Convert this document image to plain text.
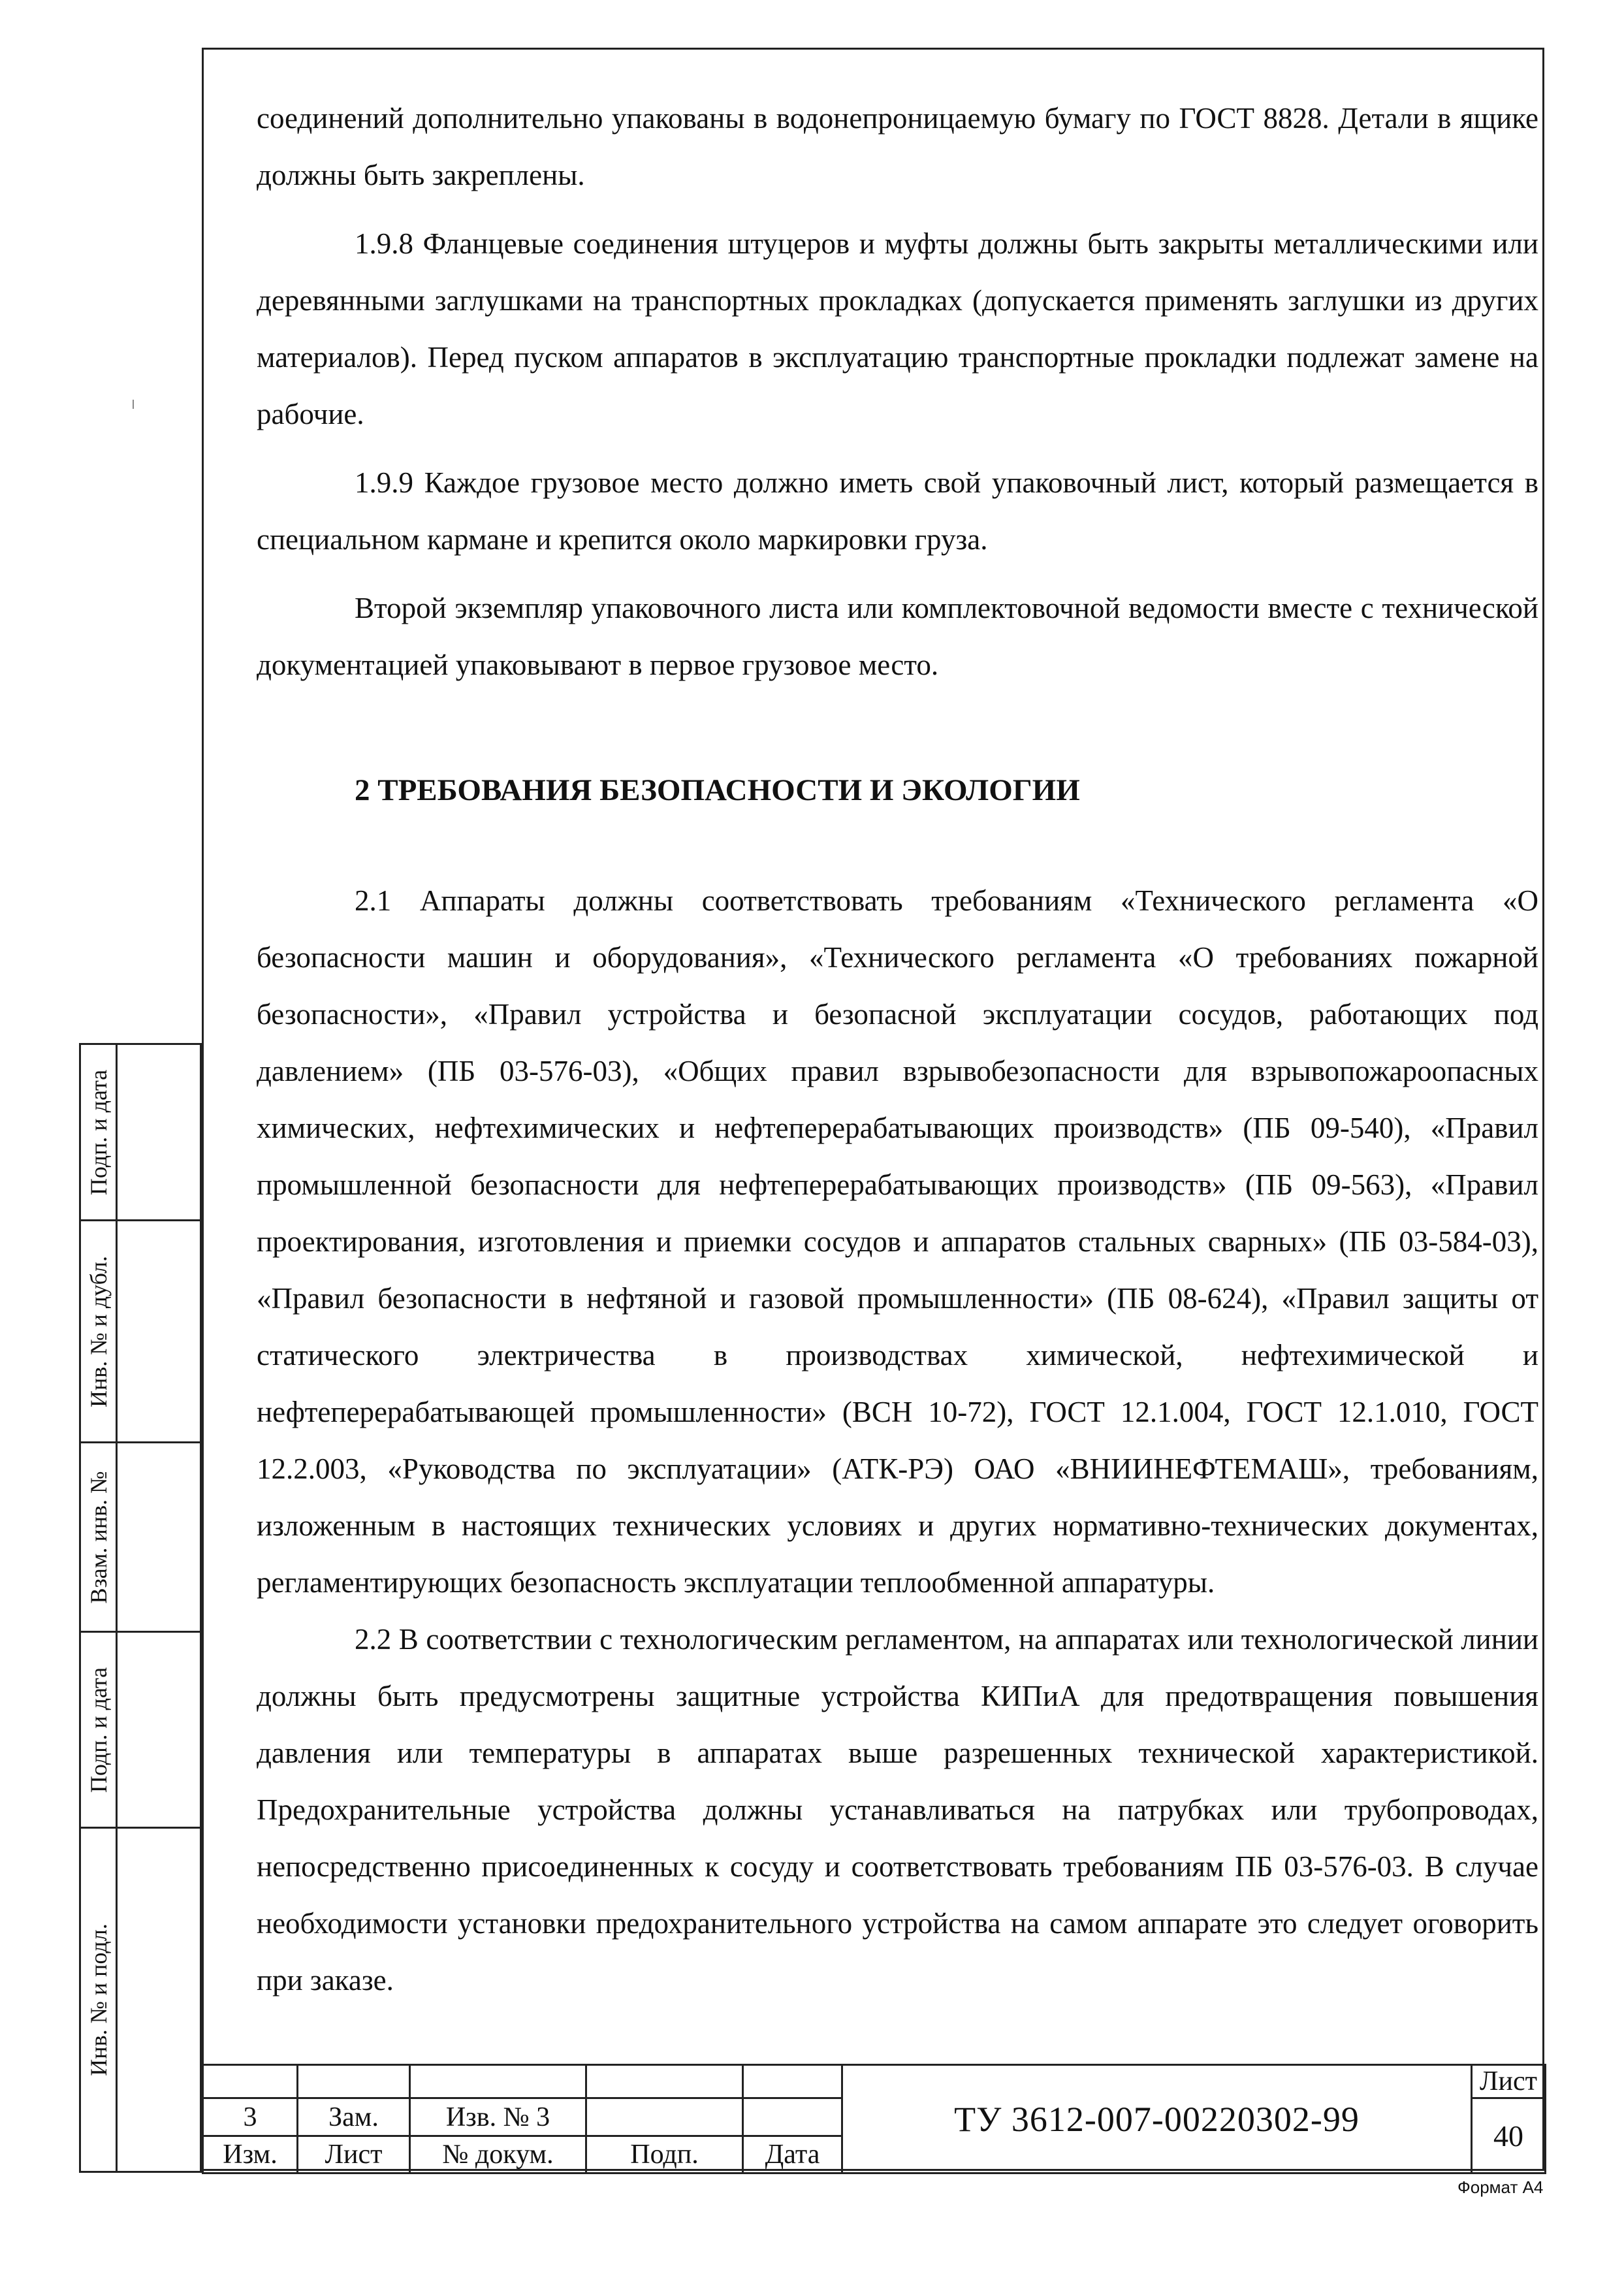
соединений дополнительно упакованы в водонепроницаемую бумагу по ГОСТ 8828. Детали в ящике должны быть закреплены.

1.9.8 Фланцевые соединения штуцеров и муфты должны быть закрыты металлическими или деревянными заглушками на транспортных прокладках (допускается применять заглушки из других материалов). Перед пуском аппаратов в эксплуатацию транспортные прокладки подлежат замене на рабочие.

1.9.9 Каждое грузовое место должно иметь свой упаковочный лист, который размещается в специальном кармане и крепится около маркировки груза.

Второй экземпляр упаковочного листа или комплектовочной ведомости вместе с технической документацией упаковывают в первое грузовое место.

2 ТРЕБОВАНИЯ БЕЗОПАСНОСТИ И ЭКОЛОГИИ

2.1 Аппараты должны соответствовать требованиям «Технического регламента «О безопасности машин и оборудования», «Технического регламента «О требованиях пожарной безопасности», «Правил устройства и безопасной эксплуатации сосудов, работающих под давлением» (ПБ 03-576-03), «Общих правил взрывобезопасности для взрывопожароопасных химических, нефтехимических и нефтеперерабатывающих производств» (ПБ 09-540), «Правил промышленной безопасности для нефтеперерабатывающих производств» (ПБ 09-563), «Правил проектирования, изготовления и приемки сосудов и аппаратов стальных сварных» (ПБ 03-584-03), «Правил безопасности в нефтяной и газовой промышленности» (ПБ 08-624), «Правил защиты от статического электричества в производствах химической, нефтехимической и нефтеперерабатывающей промышленности» (ВСН 10-72), ГОСТ 12.1.004, ГОСТ 12.1.010, ГОСТ 12.2.003, «Руководства по эксплуатации» (АТК-РЭ) ОАО «ВНИИНЕФТЕМАШ», требованиям, изложенным в настоящих технических условиях и других нормативно-технических документах, регламентирующих безопасность эксплуатации теплообменной аппаратуры.

2.2 В соответствии с технологическим регламентом, на аппаратах или технологической линии должны быть предусмотрены защитные устройства КИПиА для предотвращения повышения давления или температуры в аппаратах выше разрешенных технической характеристикой. Предохранительные устройства должны устанавливаться на патрубках или трубопроводах, непосредственно присоединенных к сосуду и соответствовать требованиям ПБ 03-576-03. В случае необходимости установки предохранительного устройства на самом аппарате это следует оговорить при заказе.

Подп. и дата	

Инв. № и дубл.	

Взам. инв. №	

Подп. и дата	

Инв. № и подл.	

					ТУ 3612-007-00220302-99	Лист
3	Зам.	Изв. № 3				40
Изм.	Лист	№ докум.	Подп.	Дата		
Формат А4
